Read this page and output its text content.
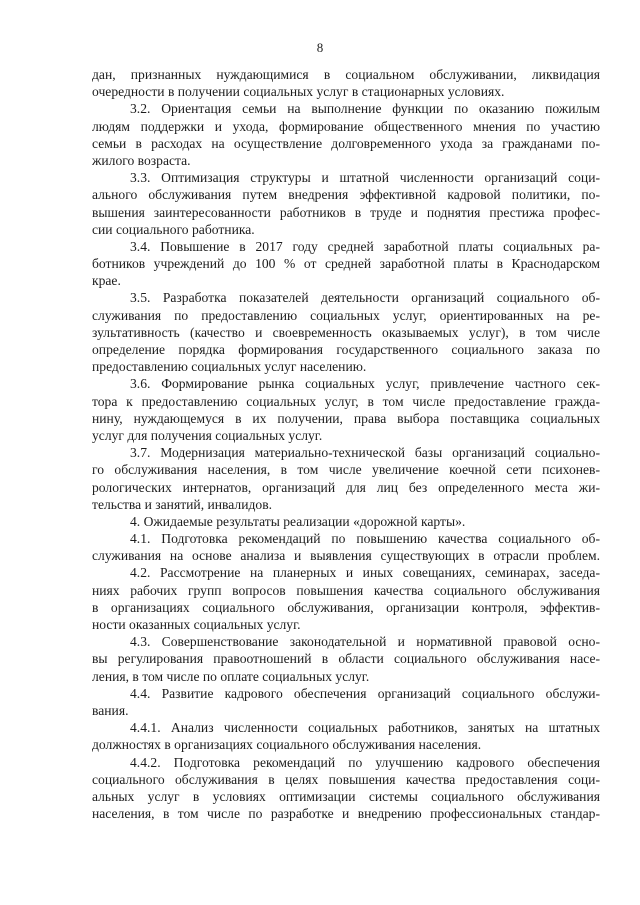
8
дан, признанных нуждающимися в социальном обслуживании, ликвидация
очередности в получении социальных услуг в стационарных условиях.
3.2. Ориентация семьи на выполнение функции по оказанию пожилым
людям поддержки и ухода, формирование общественного мнения по участию
семьи в расходах на осуществление долговременного ухода за гражданами по-
жилого возраста.
3.3. Оптимизация структуры и штатной численности организаций соци-
ального обслуживания путем внедрения эффективной кадровой политики, по-
вышения заинтересованности работников в труде и поднятия престижа профес-
сии социального работника.
3.4. Повышение в 2017 году средней заработной платы социальных ра-
ботников учреждений до 100 % от средней заработной платы в Краснодарском
крае.
3.5. Разработка показателей деятельности организаций социального об-
служивания по предоставлению социальных услуг, ориентированных на ре-
зультативность (качество и своевременность оказываемых услуг), в том числе
определение порядка формирования государственного социального заказа по
предоставлению социальных услуг населению.
3.6. Формирование рынка социальных услуг, привлечение частного сек-
тора к предоставлению социальных услуг, в том числе предоставление гражда-
нину, нуждающемуся в их получении, права выбора поставщика социальных
услуг для получения социальных услуг.
3.7. Модернизация материально-технической базы организаций социально-
го обслуживания населения, в том числе увеличение коечной сети психонев-
рологических интернатов, организаций для лиц без определенного места жи-
тельства и занятий, инвалидов.
4. Ожидаемые результаты реализации «дорожной карты».
4.1. Подготовка рекомендаций по повышению качества социального об-
служивания на основе анализа и выявления существующих в отрасли проблем.
4.2. Рассмотрение на планерных и иных совещаниях, семинарах, заседа-
ниях рабочих групп вопросов повышения качества социального обслуживания
в организациях социального обслуживания, организации контроля, эффектив-
ности оказанных социальных услуг.
4.3. Совершенствование законодательной и нормативной правовой осно-
вы регулирования правоотношений в области социального обслуживания насе-
ления, в том числе по оплате социальных услуг.
4.4. Развитие кадрового обеспечения организаций социального обслужи-
вания.
4.4.1. Анализ численности социальных работников, занятых на штатных
должностях в организациях социального обслуживания населения.
4.4.2. Подготовка рекомендаций по улучшению кадрового обеспечения
социального обслуживания в целях повышения качества предоставления соци-
альных услуг в условиях оптимизации системы социального обслуживания
населения, в том числе по разработке и внедрению профессиональных стандар-
